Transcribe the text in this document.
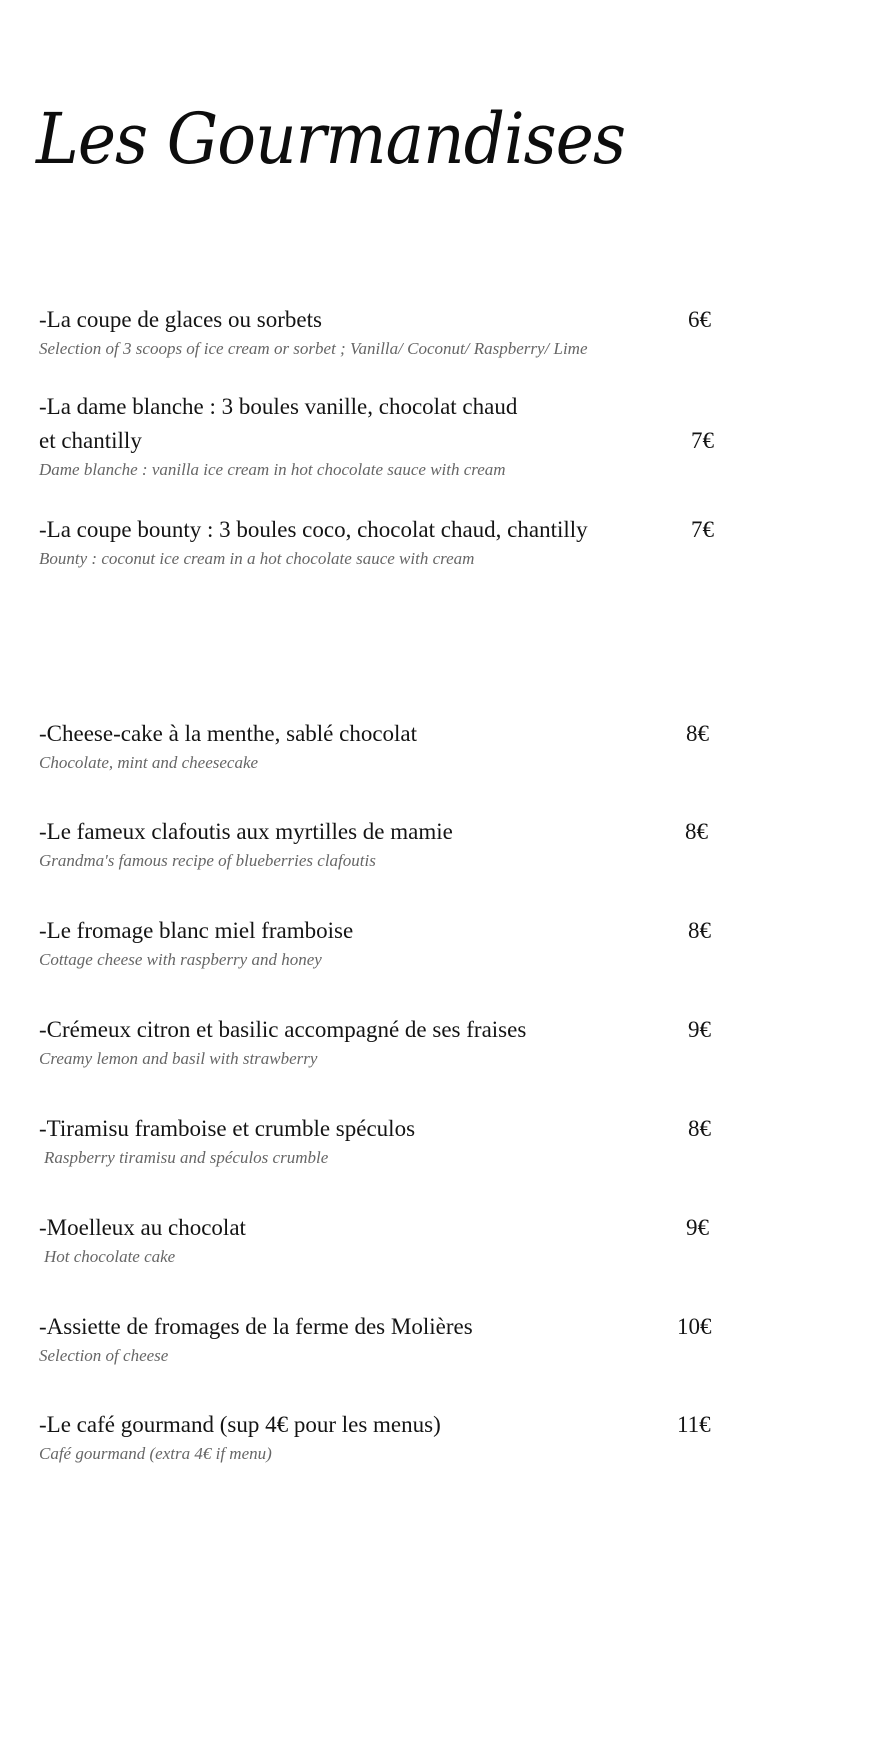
Les Gourmandises
-La coupe de glaces ou sorbets
Selection of 3 scoops of ice cream or sorbet ; Vanilla/ Coconut/ Raspberry/ Lime
6€
-La dame blanche : 3 boules vanille, chocolat chaud
et chantilly
Dame blanche : vanilla ice cream in hot chocolate sauce with cream
7€
-La coupe bounty : 3 boules coco, chocolat chaud, chantilly
Bounty : coconut ice cream in a hot chocolate sauce with cream
7€
-Cheese-cake à la menthe, sablé chocolat
Chocolate, mint and cheesecake
8€
-Le fameux clafoutis aux myrtilles de mamie
Grandma's famous recipe of blueberries clafoutis
8€
-Le fromage blanc miel framboise
Cottage cheese with raspberry and honey
8€
-Crémeux citron et basilic accompagné de ses fraises
Creamy lemon and basil with strawberry
9€
-Tiramisu framboise et crumble spéculos
Raspberry tiramisu and spéculos crumble
8€
-Moelleux au chocolat
Hot chocolate cake
9€
-Assiette de fromages de la ferme des Molières
Selection of cheese
10€
-Le café gourmand (sup 4€ pour les menus)
Café gourmand (extra 4€ if menu)
11€
